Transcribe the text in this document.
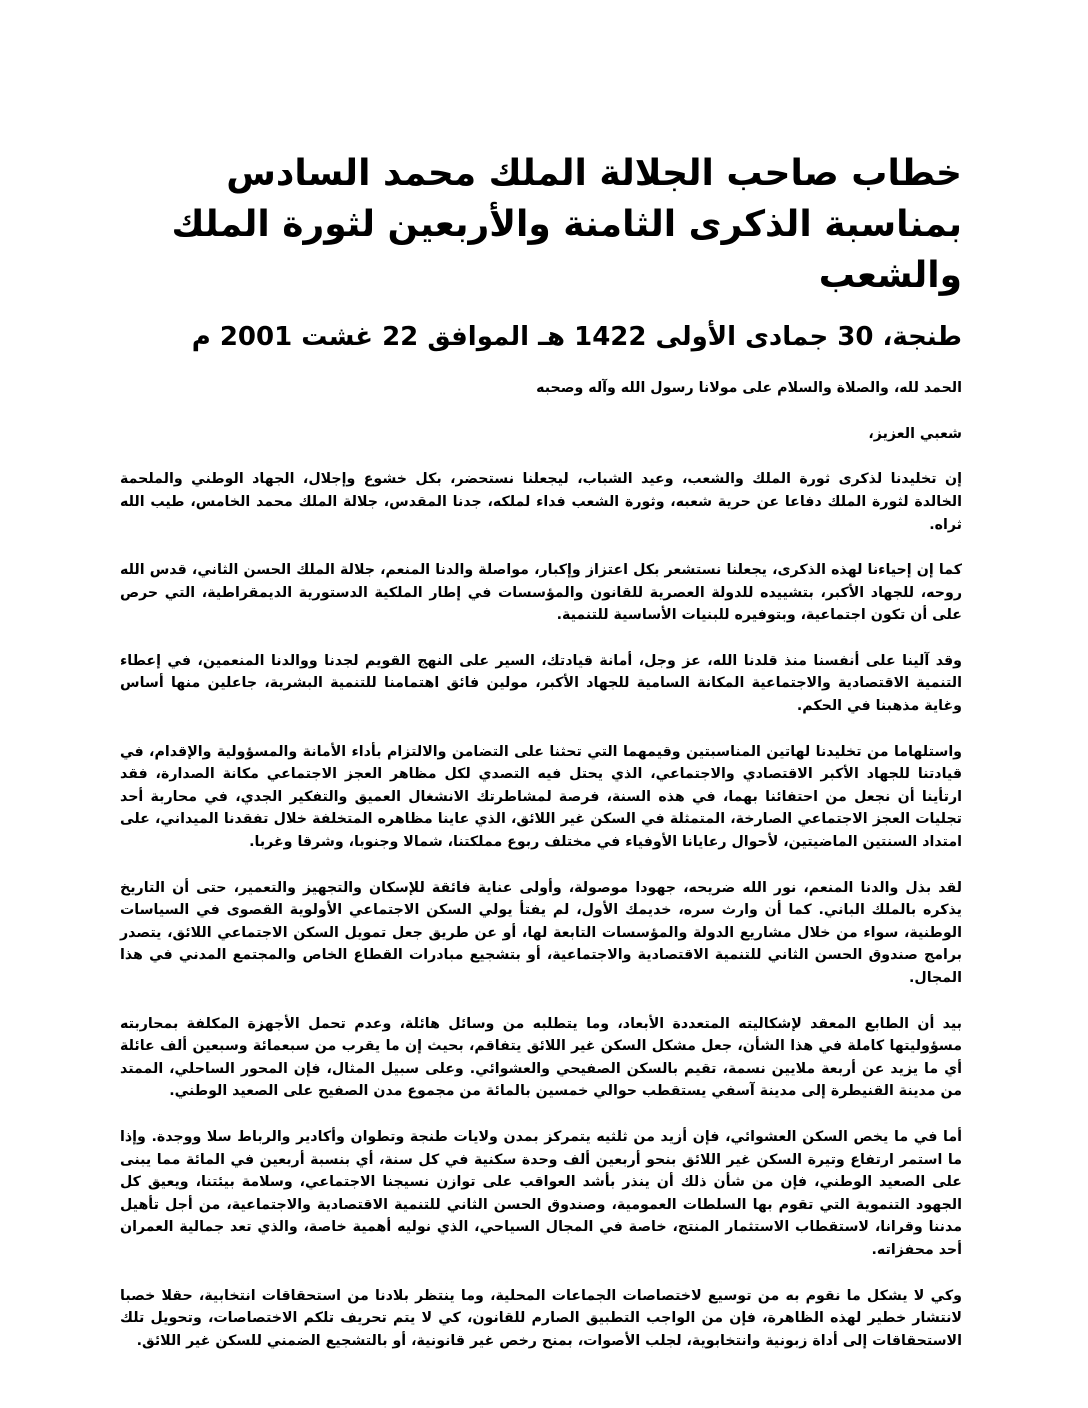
خطاب صاحب الجلالة الملك محمد السادس بمناسبة الذكرى الثامنة والأربعين لثورة الملك والشعب
طنجة، 30 جمادى الأولى 1422 هـ الموافق 22 غشت 2001 م

الحمد لله، والصلاة والسلام على مولانا رسول الله وآله وصحبه

شعبي العزيز،

إن تخليدنا لذكرى ثورة الملك والشعب، وعيد الشباب، ليجعلنا نستحضر، بكل خشوع وإجلال، الجهاد الوطني والملحمة الخالدة لثورة الملك دفاعا عن حرية شعبه، وثورة الشعب فداء لملكه، جدنا المقدس، جلالة الملك محمد الخامس، طيب الله ثراه.

كما إن إحياءنا لهذه الذكرى، يجعلنا نستشعر بكل اعتزاز وإكبار، مواصلة والدنا المنعم، جلالة الملك الحسن الثاني، قدس الله روحه، للجهاد الأكبر، بتشييده للدولة العصرية للقانون والمؤسسات في إطار الملكية الدستورية الديمقراطية، التي حرص على أن تكون اجتماعية، وبتوفيره للبنيات الأساسية للتنمية.

وقد آلينا على أنفسنا منذ قلدنا الله، عز وجل، أمانة قيادتك، السير على النهج القويم لجدنا ووالدنا المنعمين، في إعطاء التنمية الاقتصادية والاجتماعية المكانة السامية للجهاد الأكبر، مولين فائق اهتمامنا للتنمية البشرية، جاعلين منها أساس وغاية مذهبنا في الحكم.

واستلهاما من تخليدنا لهاتين المناسبتين وقيمهما التي تحثنا على التضامن والالتزام بأداء الأمانة والمسؤولية والإقدام، في قيادتنا للجهاد الأكبر الاقتصادي والاجتماعي، الذي يحتل فيه التصدي لكل مظاهر العجز الاجتماعي مكانة الصدارة، فقد ارتأينا أن نجعل من احتفائنا بهما، في هذه السنة، فرصة لمشاطرتك الانشغال العميق والتفكير الجدي، في محاربة أحد تجليات العجز الاجتماعي الصارخة، المتمثلة في السكن غير اللائق، الذي عاينا مظاهره المتخلفة خلال تفقدنا الميداني، على امتداد السنتين الماضيتين، لأحوال رعايانا الأوفياء في مختلف ربوع مملكتنا، شمالا وجنوبا، وشرقا وغربا.

لقد بذل والدنا المنعم، نور الله ضريحه، جهودا موصولة، وأولى عناية فائقة للإسكان والتجهيز والتعمير، حتى أن التاريخ يذكره بالملك الباني. كما أن وارث سره، خديمك الأول، لم يفتأ يولي السكن الاجتماعي الأولوية القصوى في السياسات الوطنية، سواء من خلال مشاريع الدولة والمؤسسات التابعة لها، أو عن طريق جعل تمويل السكن الاجتماعي اللائق، يتصدر برامج صندوق الحسن الثاني للتنمية الاقتصادية والاجتماعية، أو بتشجيع مبادرات القطاع الخاص والمجتمع المدني في هذا المجال.

بيد أن الطابع المعقد لإشكاليته المتعددة الأبعاد، وما يتطلبه من وسائل هائلة، وعدم تحمل الأجهزة المكلفة بمحاربته مسؤوليتها كاملة في هذا الشأن، جعل مشكل السكن غير اللائق يتفاقم، بحيث إن ما يقرب من سبعمائة وسبعين ألف عائلة أي ما يزيد عن أربعة ملايين نسمة، تقيم بالسكن الصفيحي والعشوائي. وعلى سبيل المثال، فإن المحور الساحلي، الممتد من مدينة القنيطرة إلى مدينة آسفي يستقطب حوالي خمسين بالمائة من مجموع مدن الصفيح على الصعيد الوطني.

أما في ما يخص السكن العشوائي، فإن أزيد من ثلثيه يتمركز بمدن ولايات طنجة وتطوان وأكادير والرباط سلا ووجدة. وإذا ما استمر ارتفاع وتيرة السكن غير اللائق بنحو أربعين ألف وحدة سكنية في كل سنة، أي بنسبة أربعين في المائة مما يبنى على الصعيد الوطني، فإن من شأن ذلك أن ينذر بأشد العواقب على توازن نسيجنا الاجتماعي، وسلامة بيئتنا، ويعيق كل الجهود التنموية التي تقوم بها السلطات العمومية، وصندوق الحسن الثاني للتنمية الاقتصادية والاجتماعية، من أجل تأهيل مدننا وقرانا، لاستقطاب الاستثمار المنتج، خاصة في المجال السياحي، الذي نوليه أهمية خاصة، والذي تعد جمالية العمران أحد محفزاته.

وكي لا يشكل ما نقوم به من توسيع لاختصاصات الجماعات المحلية، وما ينتظر بلادنا من استحقاقات انتخابية، حقلا خصبا لانتشار خطير لهذه الظاهرة، فإن من الواجب التطبيق الصارم للقانون، كي لا يتم تحريف تلكم الاختصاصات، وتحويل تلك الاستحقاقات إلى أداة زبونية وانتخابوية، لجلب الأصوات، بمنح رخص غير قانونية، أو بالتشجيع الضمني للسكن غير اللائق.
